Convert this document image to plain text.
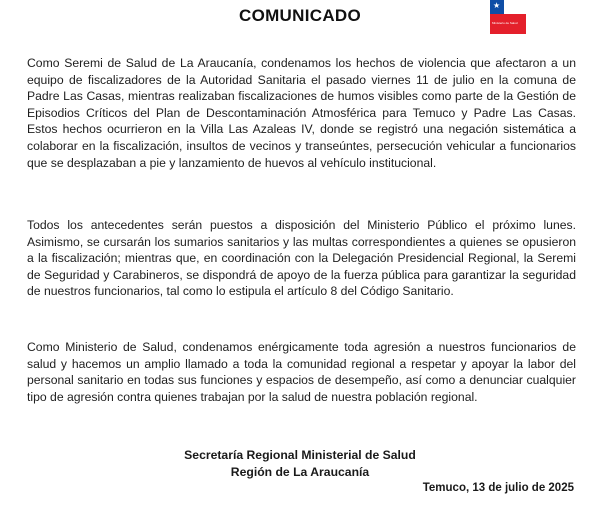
COMUNICADO
★
Ministerio de Salud

Como Seremi de Salud de La Araucanía, condenamos los hechos de violencia que afectaron a un equipo de fiscalizadores de la Autoridad Sanitaria el pasado viernes 11 de julio en la comuna de Padre Las Casas, mientras realizaban fiscalizaciones de humos visibles como parte de la Gestión de Episodios Críticos del Plan de Descontaminación Atmosférica para Temuco y Padre Las Casas. Estos hechos ocurrieron en la Villa Las Azaleas IV, donde se registró una negación sistemática a colaborar en la fiscalización, insultos de vecinos y transeúntes, persecución vehicular a funcionarios que se desplazaban a pie y lanzamiento de huevos al vehículo institucional.

Todos los antecedentes serán puestos a disposición del Ministerio Público el próximo lunes. Asimismo, se cursarán los sumarios sanitarios y las multas correspondientes a quienes se opusieron a la fiscalización; mientras que, en coordinación con la Delegación Presidencial Regional, la Seremi de Seguridad y Carabineros, se dispondrá de apoyo de la fuerza pública para garantizar la seguridad de nuestros funcionarios, tal como lo estipula el artículo 8 del Código Sanitario.

Como Ministerio de Salud, condenamos enérgicamente toda agresión a nuestros funcionarios de salud y hacemos un amplio llamado a toda la comunidad regional a respetar y apoyar la labor del personal sanitario en todas sus funciones y espacios de desempeño, así como a denunciar cualquier tipo de agresión contra quienes trabajan por la salud de nuestra población regional.

Secretaría Regional Ministerial de Salud
Región de La Araucanía
Temuco, 13 de julio de 2025
